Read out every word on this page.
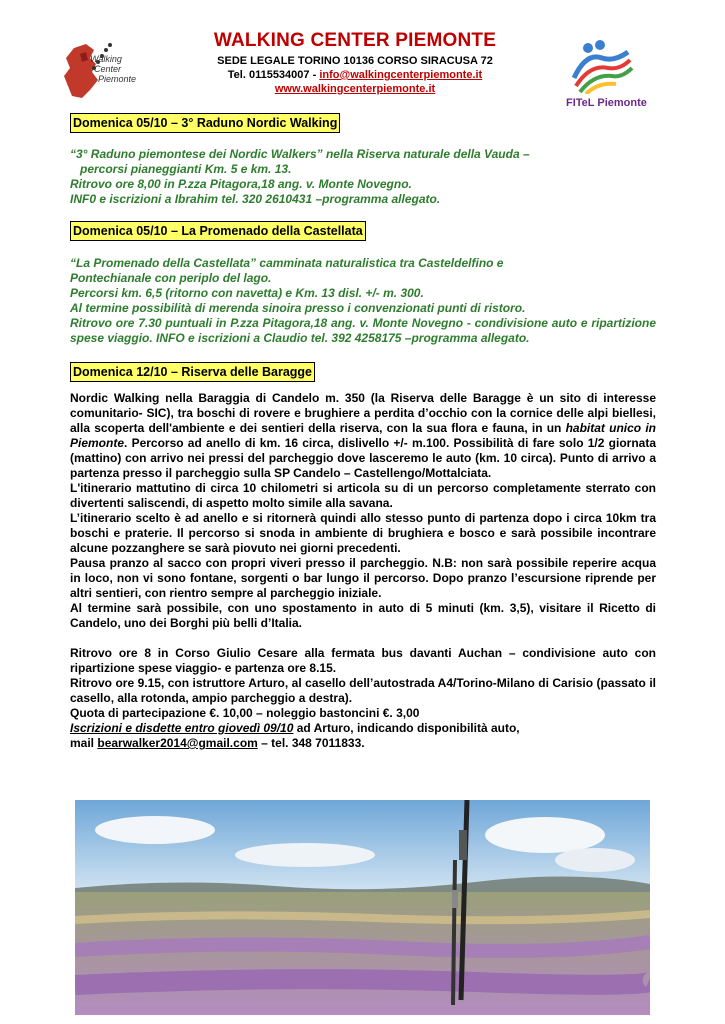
Walking
Center
Piemonte
WALKING CENTER PIEMONTE
SEDE LEGALE TORINO 10136 CORSO SIRACUSA 72
Tel. 0115534007 - info@walkingcenterpiemonte.it
www.walkingcenterpiemonte.it
FITeL Piemonte
Domenica 05/10 – 3° Raduno Nordic Walking

“3° Raduno piemontese dei Nordic Walkers” nella Riserva naturale della Vauda –

percorsi pianeggianti Km. 5 e km. 13.

Ritrovo ore 8,00 in P.zza Pitagora,18 ang. v. Monte Novegno.

INF0 e iscrizioni a Ibrahim tel. 320 2610431 –programma allegato.

Domenica 05/10 – La Promenado della Castellata

“La Promenado della Castellata” camminata naturalistica tra Casteldelfino e

Pontechianale con periplo del lago.

Percorsi km. 6,5 (ritorno con navetta) e Km. 13 disl. +/- m. 300.

Al termine possibilità di merenda sinoira presso i convenzionati punti di ristoro.

Ritrovo ore 7.30 puntuali in P.zza Pitagora,18 ang. v. Monte Novegno - condivisione auto e ripartizione spese viaggio. INFO e iscrizioni a Claudio tel. 392 4258175 –programma allegato.

Domenica 12/10 – Riserva delle Baragge

Nordic Walking nella Baraggia di Candelo m. 350 (la Riserva delle Baragge è un sito di interesse comunitario- SIC), tra boschi di rovere e brughiere a perdita d’occhio con la cornice delle alpi biellesi, alla scoperta dell'ambiente e dei sentieri della riserva, con la sua flora e fauna, in un habitat unico in Piemonte. Percorso ad anello di km. 16 circa, dislivello +/- m.100. Possibilità di fare solo 1/2 giornata (mattino) con arrivo nei pressi del parcheggio dove lasceremo le auto (km. 10 circa). Punto di arrivo a partenza presso il parcheggio sulla SP Candelo – Castellengo/Mottalciata.

L'itinerario mattutino di circa 10 chilometri si articola su di un percorso completamente sterrato con divertenti saliscendi, di aspetto molto simile alla savana.

L’itinerario scelto è ad anello e si ritornerà quindi allo stesso punto di partenza dopo i circa 10km tra boschi e praterie. Il percorso si snoda in ambiente di brughiera e bosco e sarà possibile incontrare alcune pozzanghere se sarà piovuto nei giorni precedenti.

Pausa pranzo al sacco con propri viveri presso il parcheggio. N.B: non sarà possibile reperire acqua in loco, non vi sono fontane, sorgenti o bar lungo il percorso. Dopo pranzo l’escursione riprende per altri sentieri, con rientro sempre al parcheggio iniziale.

Al termine sarà possibile, con uno spostamento in auto di 5 minuti (km. 3,5), visitare il Ricetto di Candelo, uno dei Borghi più belli d’Italia.

Ritrovo ore 8 in Corso Giulio Cesare alla fermata bus davanti Auchan – condivisione auto con ripartizione spese viaggio- e partenza ore 8.15.

Ritrovo ore 9.15, con istruttore Arturo, al casello dell’autostrada A4/Torino-Milano di Carisio (passato il casello, alla rotonda, ampio parcheggio a destra).

Quota di partecipazione €. 10,00 – noleggio bastoncini €. 3,00

Iscrizioni e disdette entro giovedì 09/10 ad Arturo, indicando disponibilità auto,

mail bearwalker2014@gmail.com – tel. 348 7011833.
